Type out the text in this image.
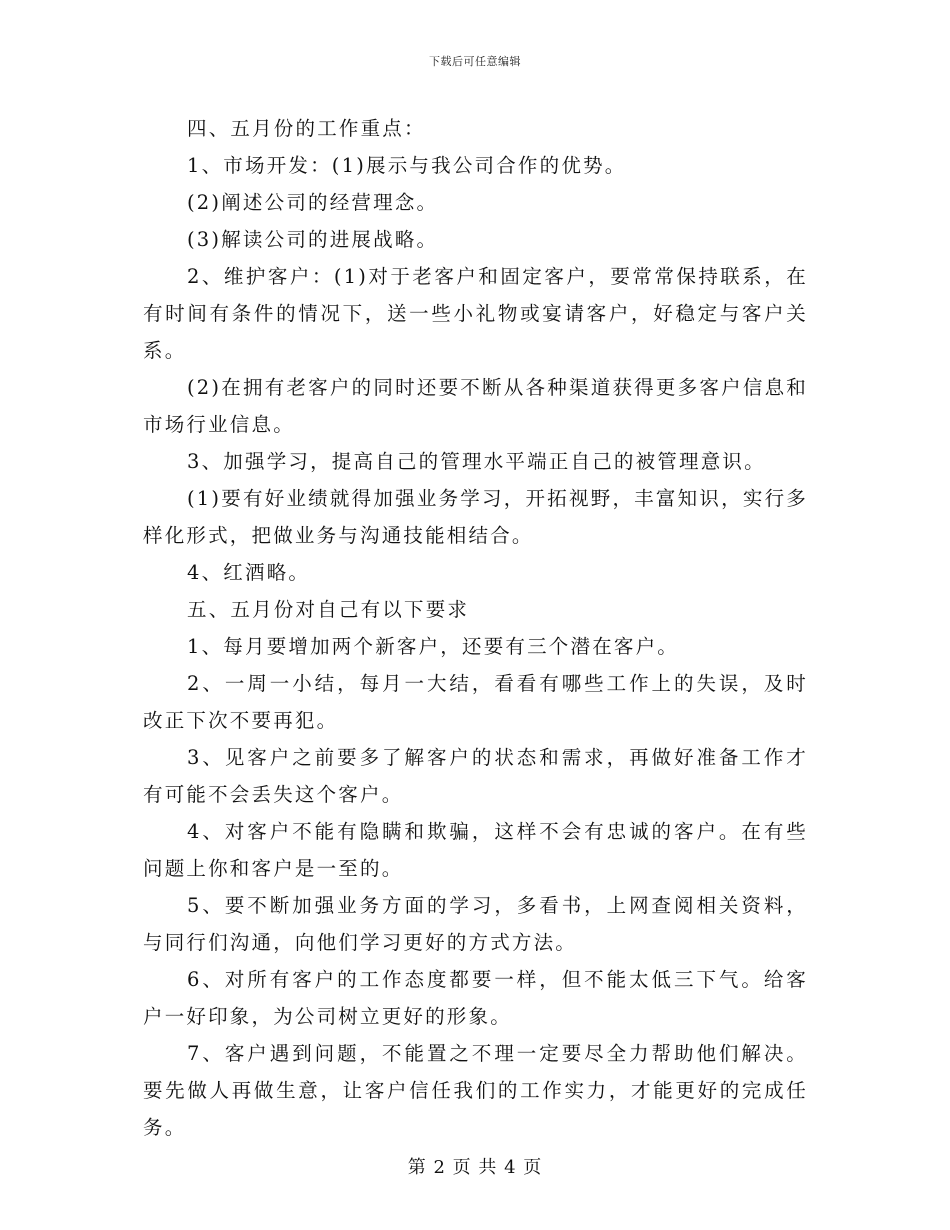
下载后可任意编辑

四、五月份的工作重点：

1、市场开发：(1)展示与我公司合作的优势。

(2)阐述公司的经营理念。

(3)解读公司的进展战略。

2、维护客户：(1)对于老客户和固定客户，要常常保持联系，在有时间有条件的情况下，送一些小礼物或宴请客户，好稳定与客户关系。

(2)在拥有老客户的同时还要不断从各种渠道获得更多客户信息和市场行业信息。

3、加强学习，提高自己的管理水平端正自己的被管理意识。

(1)要有好业绩就得加强业务学习，开拓视野，丰富知识，实行多样化形式，把做业务与沟通技能相结合。

4、红酒略。

五、五月份对自己有以下要求

1、每月要增加两个新客户，还要有三个潜在客户。

2、一周一小结，每月一大结，看看有哪些工作上的失误，及时改正下次不要再犯。

3、见客户之前要多了解客户的状态和需求，再做好准备工作才有可能不会丢失这个客户。

4、对客户不能有隐瞒和欺骗，这样不会有忠诚的客户。在有些问题上你和客户是一至的。

5、要不断加强业务方面的学习，多看书，上网查阅相关资料，与同行们沟通，向他们学习更好的方式方法。

6、对所有客户的工作态度都要一样，但不能太低三下气。给客户一好印象，为公司树立更好的形象。

7、客户遇到问题，不能置之不理一定要尽全力帮助他们解决。要先做人再做生意，让客户信任我们的工作实力，才能更好的完成任务。

第 2 页 共 4 页
